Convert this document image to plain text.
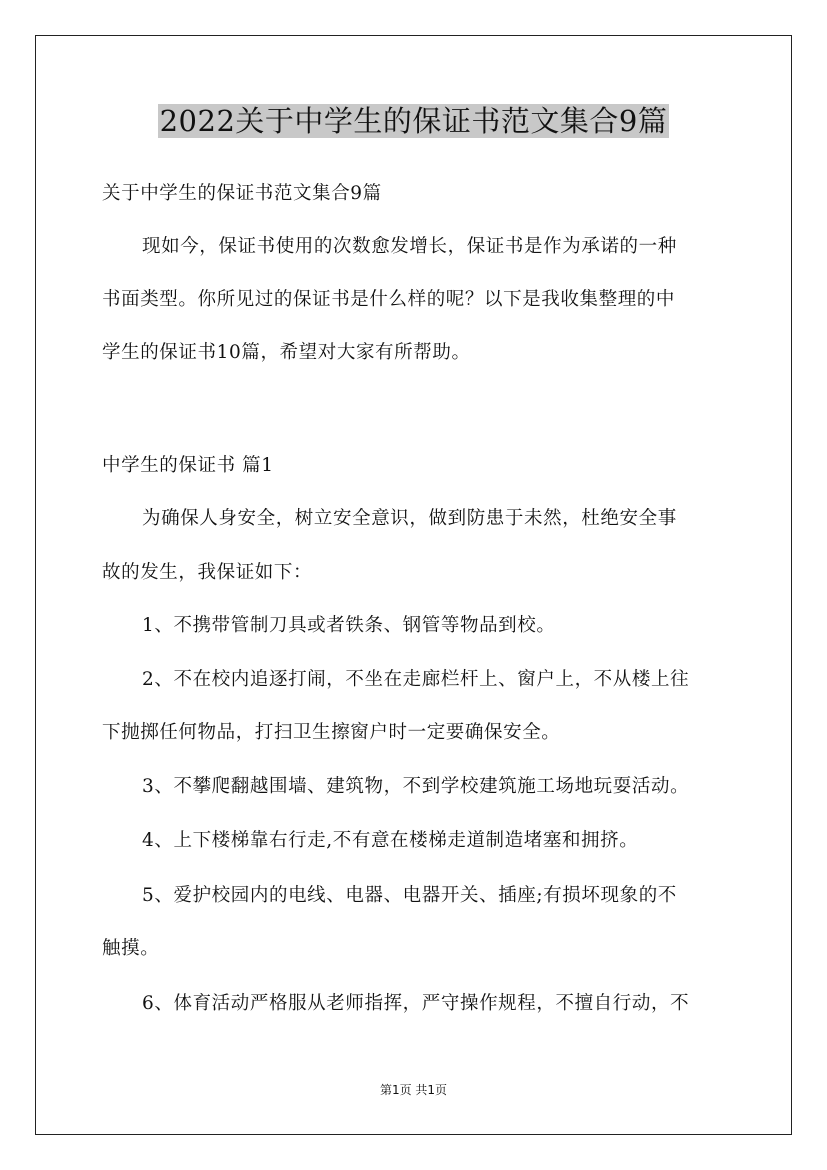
2022关于中学生的保证书范文集合9篇
关于中学生的保证书范文集合9篇
现如今，保证书使用的次数愈发增长，保证书是作为承诺的一种
书面类型。你所见过的保证书是什么样的呢？以下是我收集整理的中
学生的保证书10篇，希望对大家有所帮助。
中学生的保证书 篇1
为确保人身安全，树立安全意识，做到防患于未然，杜绝安全事
故的发生，我保证如下：
1、不携带管制刀具或者铁条、钢管等物品到校。
2、不在校内追逐打闹，不坐在走廊栏杆上、窗户上，不从楼上往
下抛掷任何物品，打扫卫生擦窗户时一定要确保安全。
3、不攀爬翻越围墙、建筑物，不到学校建筑施工场地玩耍活动。
4、上下楼梯靠右行走,不有意在楼梯走道制造堵塞和拥挤。
5、爱护校园内的电线、电器、电器开关、插座;有损坏现象的不
触摸。
6、体育活动严格服从老师指挥，严守操作规程，不擅自行动，不
第1页 共1页
